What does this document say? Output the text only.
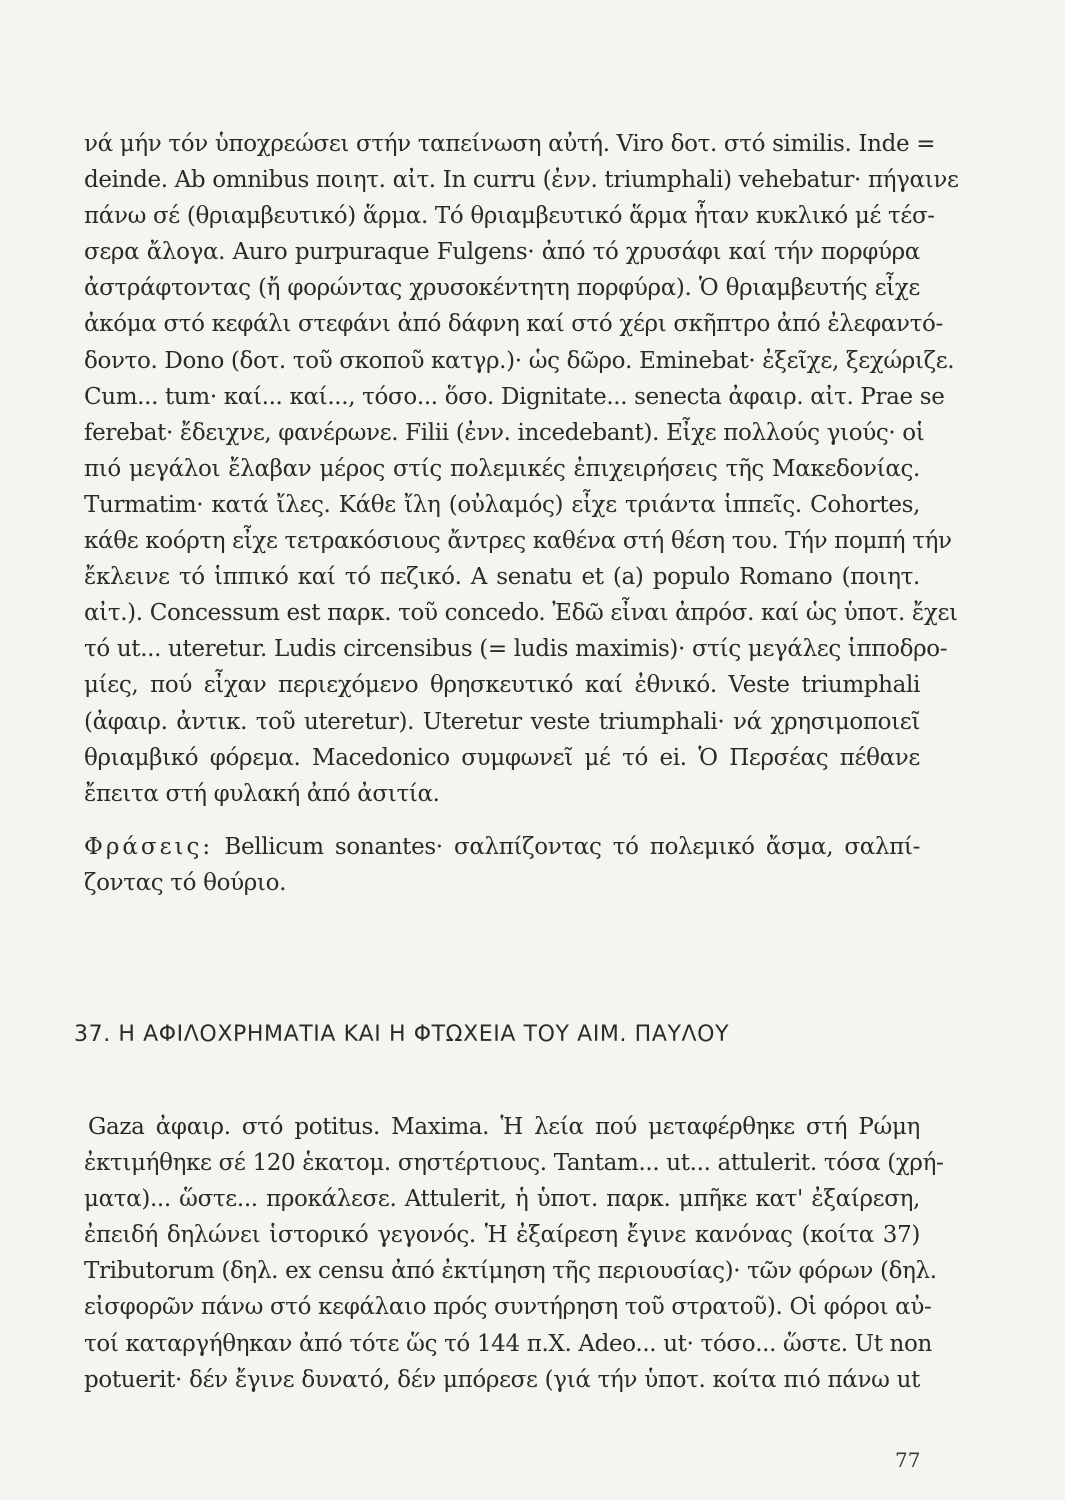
νά μήν τόν ὑποχρεώσει στήν ταπείνωση αὐτή. Viro δοτ. στό similis. Inde =
deinde. Ab omnibus ποιητ. αἰτ. In curru (ἐνν. triumphali) vehebatur· πήγαινε
πάνω σέ (θριαμβευτικό) ἅρμα. Τό θριαμβευτικό ἅρμα ἦταν κυκλικό μέ τέσ-
σερα ἄλογα. Auro purpuraque Fulgens· ἀπό τό χρυσάφι καί τήν πορφύρα
ἀστράφτοντας (ἤ φορώντας χρυσοκέντητη πορφύρα). Ὁ θριαμβευτής εἶχε
ἀκόμα στό κεφάλι στεφάνι ἀπό δάφνη καί στό χέρι σκῆπτρο ἀπό ἐλεφαντό-
δοντο. Dono (δοτ. τοῦ σκοποῦ κατγρ.)· ὡς δῶρο. Eminebat· ἐξεῖχε, ξεχώριζε.
Cum... tum· καί... καί..., τόσο... ὅσο. Dignitate... senecta ἀφαιρ. αἰτ. Prae se
ferebat· ἔδειχνε, φανέρωνε. Filii (ἐνν. incedebant). Εἶχε πολλούς γιούς· οἱ
πιό μεγάλοι ἔλαβαν μέρος στίς πολεμικές ἐπιχειρήσεις τῆς Μακεδονίας.
Turmatim· κατά ἴλες. Κάθε ἴλη (οὐλαμός) εἶχε τριάντα ἱππεῖς. Cohortes,
κάθε κοόρτη εἶχε τετρακόσιους ἄντρες καθένα στή θέση του. Τήν πομπή τήν
ἔκλεινε τό ἱππικό καί τό πεζικό. A senatu et (a) populo Romano (ποιητ.
αἰτ.). Concessum est παρκ. τοῦ concedo. Ἐδῶ εἶναι ἀπρόσ. καί ὡς ὑποτ. ἔχει
τό ut... uteretur. Ludis circensibus (= ludis maximis)· στίς μεγάλες ἱπποδρο-
μίες, πού εἶχαν περιεχόμενο θρησκευτικό καί ἐθνικό. Veste triumphali
(ἀφαιρ. ἀντικ. τοῦ uteretur). Uteretur veste triumphali· νά χρησιμοποιεῖ
θριαμβικό φόρεμα. Macedonico συμφωνεῖ μέ τό ei. Ὁ Περσέας πέθανε
ἔπειτα στή φυλακή ἀπό ἀσιτία.
Φράσεις: Bellicum sonantes· σαλπίζοντας τό πολεμικό ἄσμα, σαλπί-
ζοντας τό θούριο.
37. Η ΑΦΙΛΟΧΡΗΜΑΤΙΑ ΚΑΙ Η ΦΤΩΧΕΙΑ ΤΟΥ ΑΙΜ. ΠΑΥΛΟΥ
Gaza ἀφαιρ. στό potitus. Maxima. Ἡ λεία πού μεταφέρθηκε στή Ρώμη
ἐκτιμήθηκε σέ 120 ἑκατομ. σηστέρτιους. Tantam... ut... attulerit. τόσα (χρή-
ματα)... ὥστε... προκάλεσε. Attulerit, ἡ ὑποτ. παρκ. μπῆκε κατ' ἐξαίρεση,
ἐπειδή δηλώνει ἱστορικό γεγονός. Ἡ ἐξαίρεση ἔγινε κανόνας (κοίτα 37)
Tributorum (δηλ. ex censu ἀπό ἐκτίμηση τῆς περιουσίας)· τῶν φόρων (δηλ.
εἰσφορῶν πάνω στό κεφάλαιο πρός συντήρηση τοῦ στρατοῦ). Οἱ φόροι αὐ-
τοί καταργήθηκαν ἀπό τότε ὥς τό 144 π.Χ. Adeo... ut· τόσο... ὥστε. Ut non
potuerit· δέν ἔγινε δυνατό, δέν μπόρεσε (γιά τήν ὑποτ. κοίτα πιό πάνω ut
77
